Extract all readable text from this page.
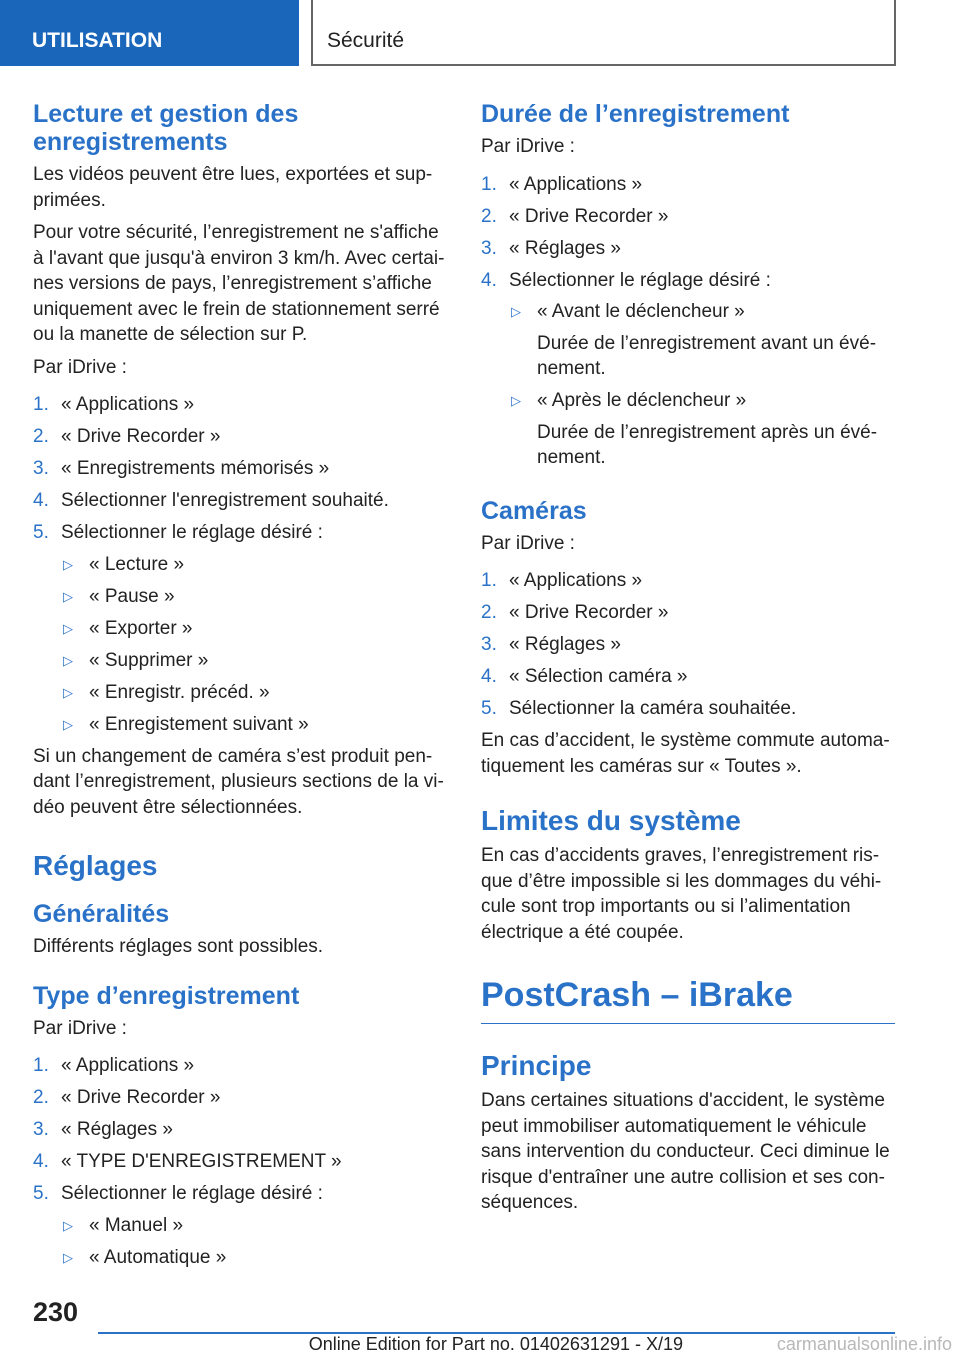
UTILISATION	Sécurité
Lecture et gestion des enregistrements

Les vidéos peuvent être lues, exportées et sup-primées.

Pour votre sécurité, l’enregistrement ne s'affiche à l'avant que jusqu'à environ 3 km/h. Avec certai-nes versions de pays, l’enregistrement s’affiche uniquement avec le frein de stationnement serré ou la manette de sélection sur P.

Par iDrive :

1. « Applications »
2. « Drive Recorder »
3. « Enregistrements mémorisés »
4. Sélectionner l'enregistrement souhaité.
5. Sélectionner le réglage désiré :
▷ « Lecture »
▷ « Pause »
▷ « Exporter »
▷ « Supprimer »
▷ « Enregistr. précéd. »
▷ « Enregistement suivant »

Si un changement de caméra s’est produit pen-dant l’enregistrement, plusieurs sections de la vi-déo peuvent être sélectionnées.

Réglages
Généralités

Différents réglages sont possibles.

Type d’enregistrement

Par iDrive :

1. « Applications »
2. « Drive Recorder »
3. « Réglages »
4. « TYPE D'ENREGISTREMENT »
5. Sélectionner le réglage désiré :
▷ « Manuel »
▷ « Automatique »
Durée de l’enregistrement

Par iDrive :

1. « Applications »
2. « Drive Recorder »
3. « Réglages »
4. Sélectionner le réglage désiré :
▷ « Avant le déclencheur »
Durée de l’enregistrement avant un évé-nement.
▷ « Après le déclencheur »
Durée de l’enregistrement après un évé-nement.
Caméras

Par iDrive :

1. « Applications »
2. « Drive Recorder »
3. « Réglages »
4. « Sélection caméra »
5. Sélectionner la caméra souhaitée.

En cas d’accident, le système commute automa-tiquement les caméras sur « Toutes ».

Limites du système

En cas d’accidents graves, l’enregistrement ris-que d’être impossible si les dommages du véhi-cule sont trop importants ou si l’alimentation électrique a été coupée.

PostCrash – iBrake
Principe

Dans certaines situations d'accident, le système peut immobiliser automatiquement le véhicule sans intervention du conducteur. Ceci diminue le risque d'entraîner une autre collision et ses con-séquences.

230
Online Edition for Part no. 01402631291 - X/19	carmanualsonline.info
